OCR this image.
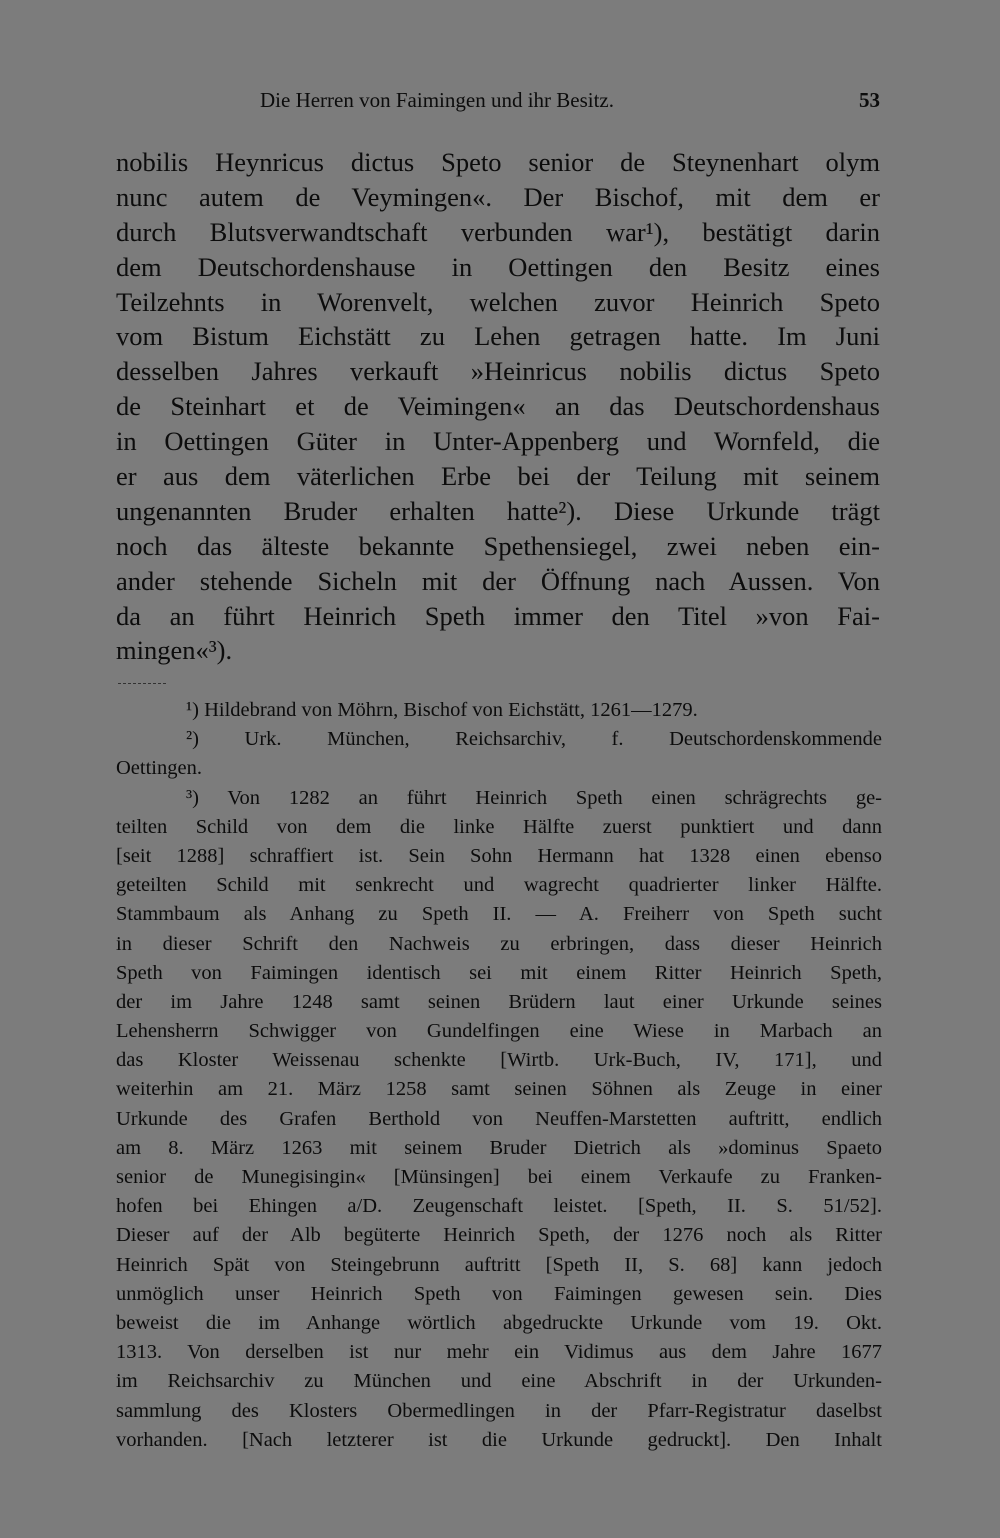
Die Herren von Faimingen und ihr Besitz.	53
nobilis Heynricus dictus Speto senior de Steynenhart olym
nunc autem de Veymingen«. Der Bischof, mit dem er
durch Blutsverwandtschaft verbunden war¹), bestätigt darin
dem Deutschordenshause in Oettingen den Besitz eines
Teilzehnts in Worenvelt, welchen zuvor Heinrich Speto
vom Bistum Eichstätt zu Lehen getragen hatte. Im Juni
desselben Jahres verkauft »Heinricus nobilis dictus Speto
de Steinhart et de Veimingen« an das Deutschordenshaus
in Oettingen Güter in Unter-Appenberg und Wornfeld, die
er aus dem väterlichen Erbe bei der Teilung mit seinem
ungenannten Bruder erhalten hatte²). Diese Urkunde trägt
noch das älteste bekannte Spethensiegel, zwei neben ein-
ander stehende Sicheln mit der Öffnung nach Aussen. Von
da an führt Heinrich Speth immer den Titel »von Fai-
mingen«³).
¹) Hildebrand von Möhrn, Bischof von Eichstätt, 1261—1279.
²) Urk. München, Reichsarchiv, f. Deutschordenskommende
Oettingen.
³) Von 1282 an führt Heinrich Speth einen schrägrechts ge-
teilten Schild von dem die linke Hälfte zuerst punktiert und dann
[seit 1288] schraffiert ist. Sein Sohn Hermann hat 1328 einen ebenso
geteilten Schild mit senkrecht und wagrecht quadrierter linker Hälfte.
Stammbaum als Anhang zu Speth II. — A. Freiherr von Speth sucht
in dieser Schrift den Nachweis zu erbringen, dass dieser Heinrich
Speth von Faimingen identisch sei mit einem Ritter Heinrich Speth,
der im Jahre 1248 samt seinen Brüdern laut einer Urkunde seines
Lehensherrn Schwigger von Gundelfingen eine Wiese in Marbach an
das Kloster Weissenau schenkte [Wirtb. Urk-Buch, IV, 171], und
weiterhin am 21. März 1258 samt seinen Söhnen als Zeuge in einer
Urkunde des Grafen Berthold von Neuffen-Marstetten auftritt, endlich
am 8. März 1263 mit seinem Bruder Dietrich als »dominus Spaeto
senior de Munegisingin« [Münsingen] bei einem Verkaufe zu Franken-
hofen bei Ehingen a/D. Zeugenschaft leistet. [Speth, II. S. 51/52].
Dieser auf der Alb begüterte Heinrich Speth, der 1276 noch als Ritter
Heinrich Spät von Steingebrunn auftritt [Speth II, S. 68] kann jedoch
unmöglich unser Heinrich Speth von Faimingen gewesen sein. Dies
beweist die im Anhange wörtlich abgedruckte Urkunde vom 19. Okt.
1313. Von derselben ist nur mehr ein Vidimus aus dem Jahre 1677
im Reichsarchiv zu München und eine Abschrift in der Urkunden-
sammlung des Klosters Obermedlingen in der Pfarr-Registratur daselbst
vorhanden. [Nach letzterer ist die Urkunde gedruckt]. Den Inhalt
